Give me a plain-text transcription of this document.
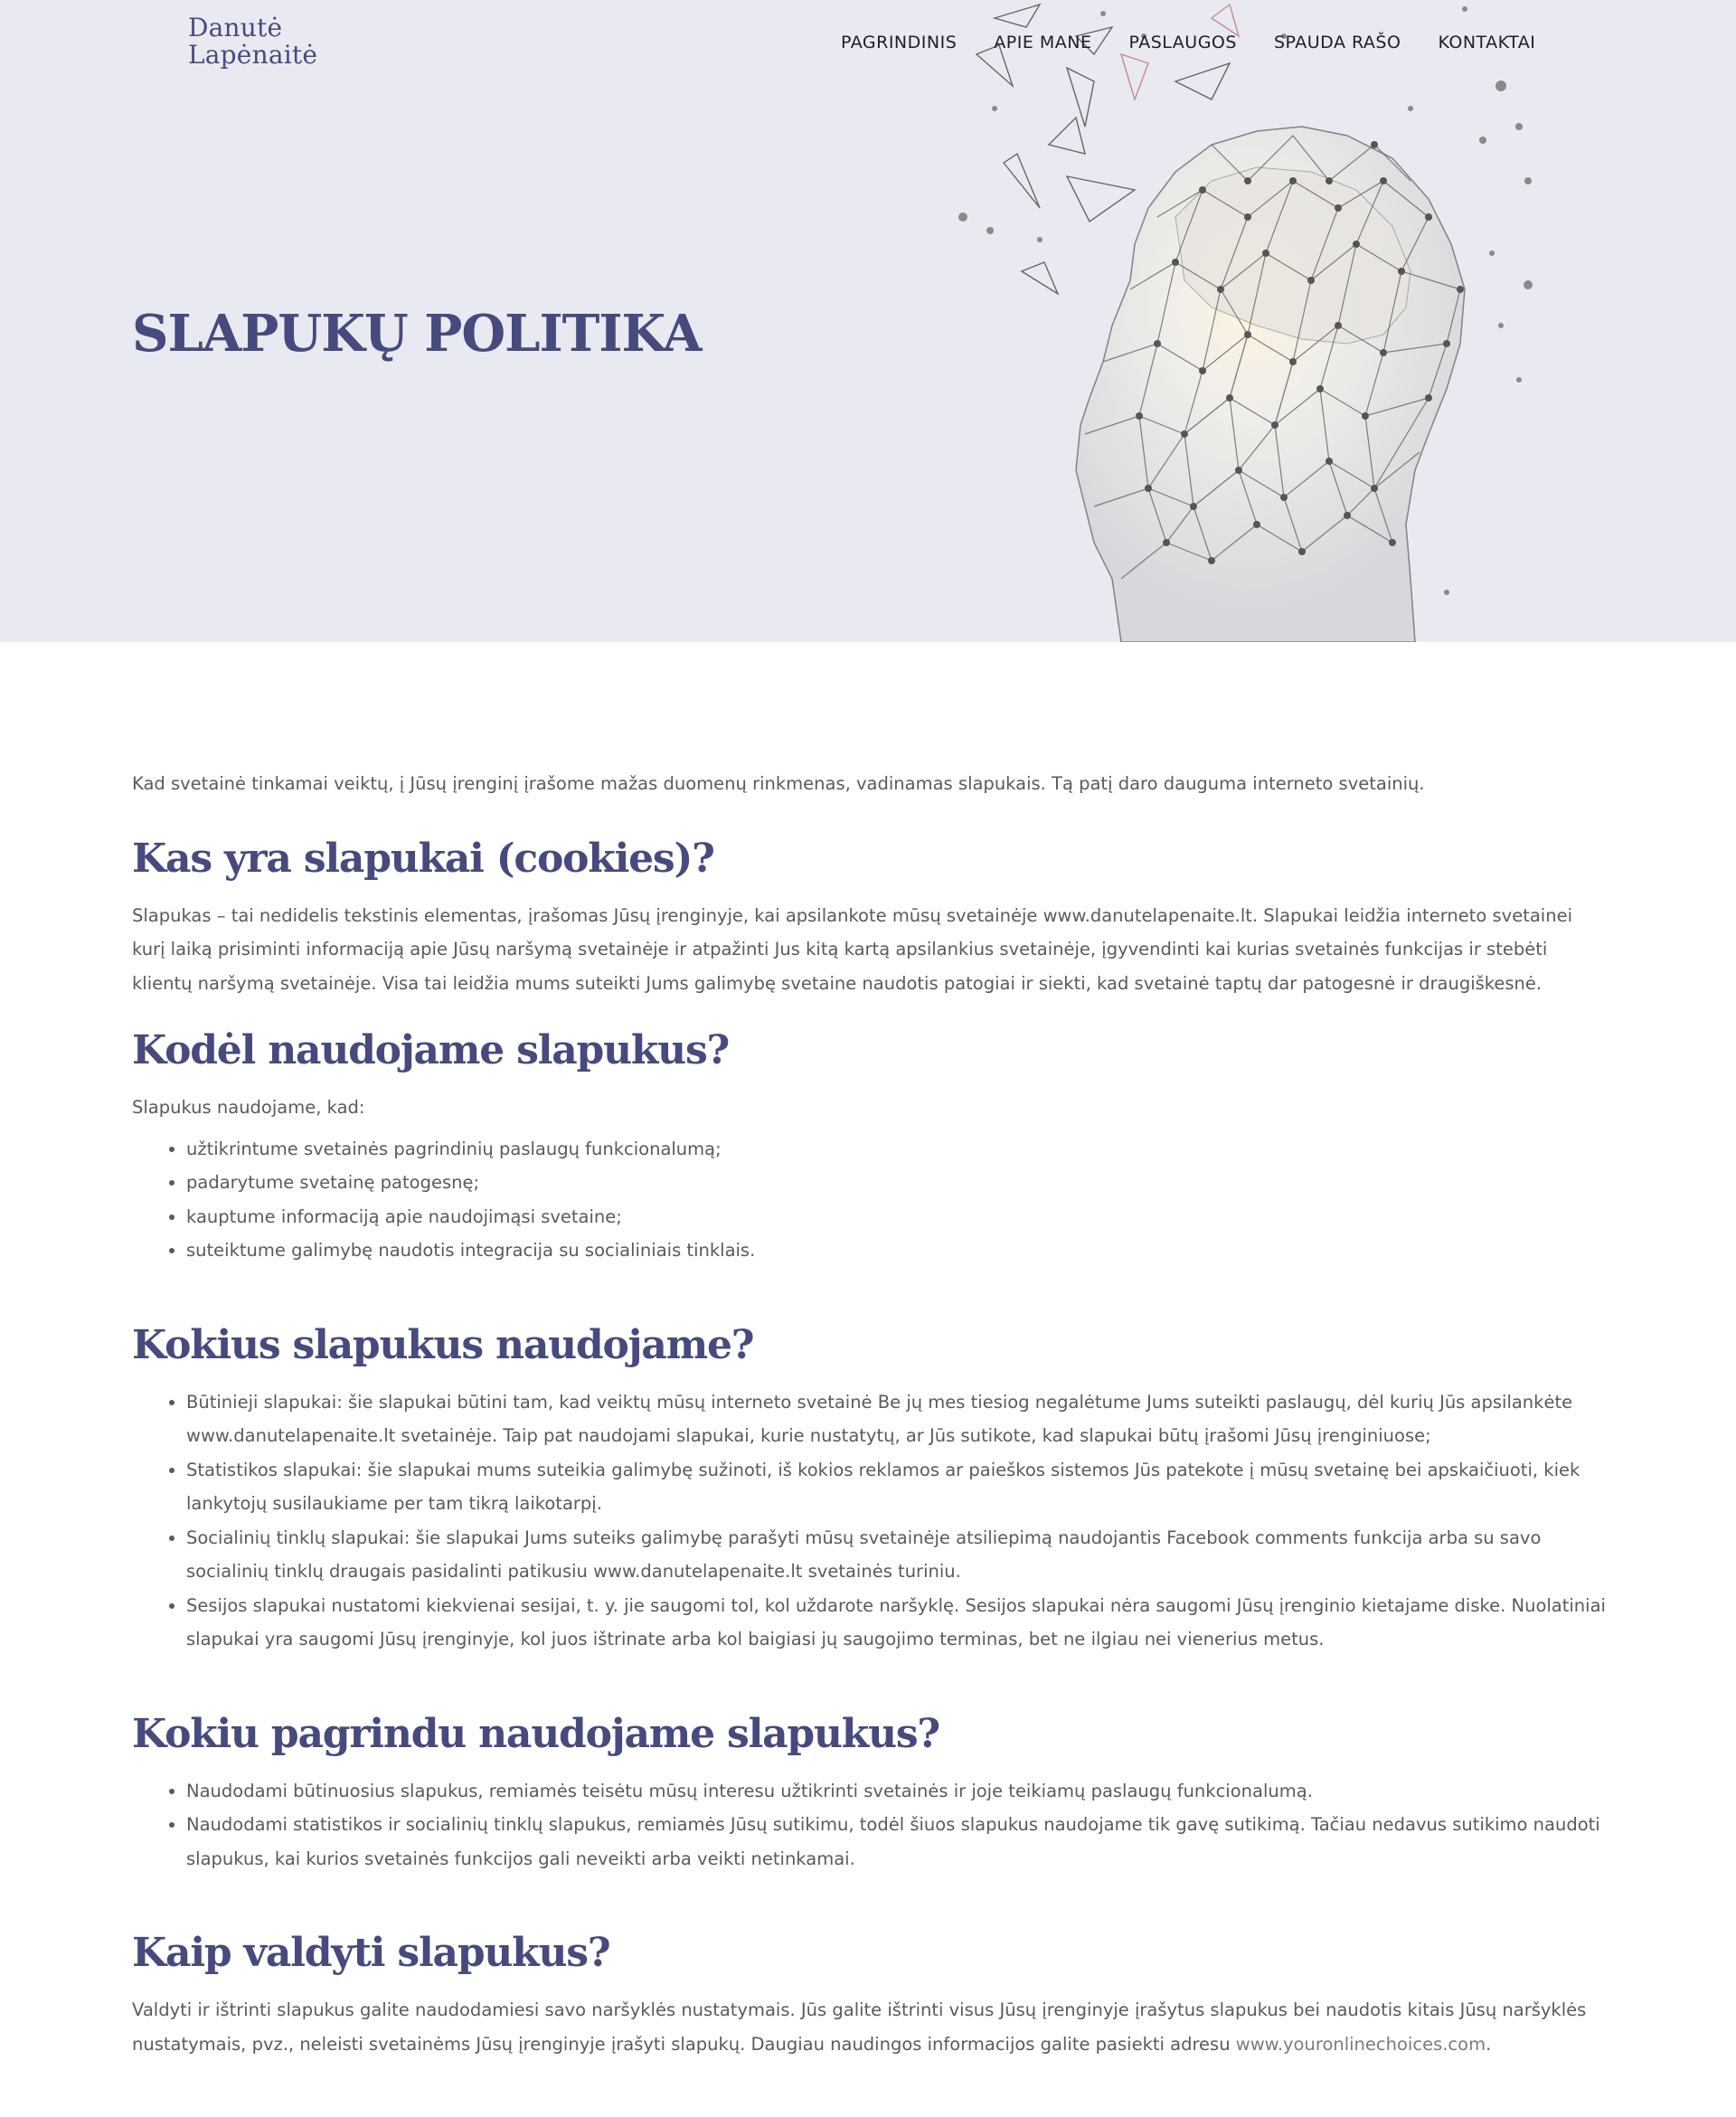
Danutė
Lapėnaitė	PAGRINDINIS APIE MANE PASLAUGOS SPAUDA RAŠO KONTAKTAI
SLAPUKŲ POLITIKA

Kad svetainė tinkamai veiktų, į Jūsų įrenginį įrašome mažas duomenų rinkmenas, vadinamas slapukais. Tą patį daro dauguma interneto svetainių.

Kas yra slapukai (cookies)?

Slapukas – tai nedidelis tekstinis elementas, įrašomas Jūsų įrenginyje, kai apsilankote mūsų svetainėje www.danutelapenaite.lt. Slapukai leidžia interneto svetainei kurį laiką prisiminti informaciją apie Jūsų naršymą svetainėje ir atpažinti Jus kitą kartą apsilankius svetainėje, įgyvendinti kai kurias svetainės funkcijas ir stebėti klientų naršymą svetainėje. Visa tai leidžia mums suteikti Jums galimybę svetaine naudotis patogiai ir siekti, kad svetainė taptų dar patogesnė ir draugiškesnė.

Kodėl naudojame slapukus?

Slapukus naudojame, kad:

• užtikrintume svetainės pagrindinių paslaugų funkcionalumą;
• padarytume svetainę patogesnę;
• kauptume informaciją apie naudojimąsi svetaine;
• suteiktume galimybę naudotis integracija su socialiniais tinklais.
Kokius slapukus naudojame?
• Būtinieji slapukai: šie slapukai būtini tam, kad veiktų mūsų interneto svetainė Be jų mes tiesiog negalėtume Jums suteikti paslaugų, dėl kurių Jūs apsilankėte www.danutelapenaite.lt svetainėje. Taip pat naudojami slapukai, kurie nustatytų, ar Jūs sutikote, kad slapukai būtų įrašomi Jūsų įrenginiuose;
• Statistikos slapukai: šie slapukai mums suteikia galimybę sužinoti, iš kokios reklamos ar paieškos sistemos Jūs patekote į mūsų svetainę bei apskaičiuoti, kiek lankytojų susilaukiame per tam tikrą laikotarpį.
• Socialinių tinklų slapukai: šie slapukai Jums suteiks galimybę parašyti mūsų svetainėje atsiliepimą naudojantis Facebook comments funkcija arba su savo socialinių tinklų draugais pasidalinti patikusiu www.danutelapenaite.lt svetainės turiniu.
• Sesijos slapukai nustatomi kiekvienai sesijai, t. y. jie saugomi tol, kol uždarote naršyklę. Sesijos slapukai nėra saugomi Jūsų įrenginio kietajame diske. Nuolatiniai slapukai yra saugomi Jūsų įrenginyje, kol juos ištrinate arba kol baigiasi jų saugojimo terminas, bet ne ilgiau nei vienerius metus.
Kokiu pagrindu naudojame slapukus?
• Naudodami būtinuosius slapukus, remiamės teisėtu mūsų interesu užtikrinti svetainės ir joje teikiamų paslaugų funkcionalumą.
• Naudodami statistikos ir socialinių tinklų slapukus, remiamės Jūsų sutikimu, todėl šiuos slapukus naudojame tik gavę sutikimą. Tačiau nedavus sutikimo naudoti slapukus, kai kurios svetainės funkcijos gali neveikti arba veikti netinkamai.
Kaip valdyti slapukus?

Valdyti ir ištrinti slapukus galite naudodamiesi savo naršyklės nustatymais. Jūs galite ištrinti visus Jūsų įrenginyje įrašytus slapukus bei naudotis kitais Jūsų naršyklės nustatymais, pvz., neleisti svetainėms Jūsų įrenginyje įrašyti slapukų. Daugiau naudingos informacijos galite pasiekti adresu www.youronlinechoices.com.
